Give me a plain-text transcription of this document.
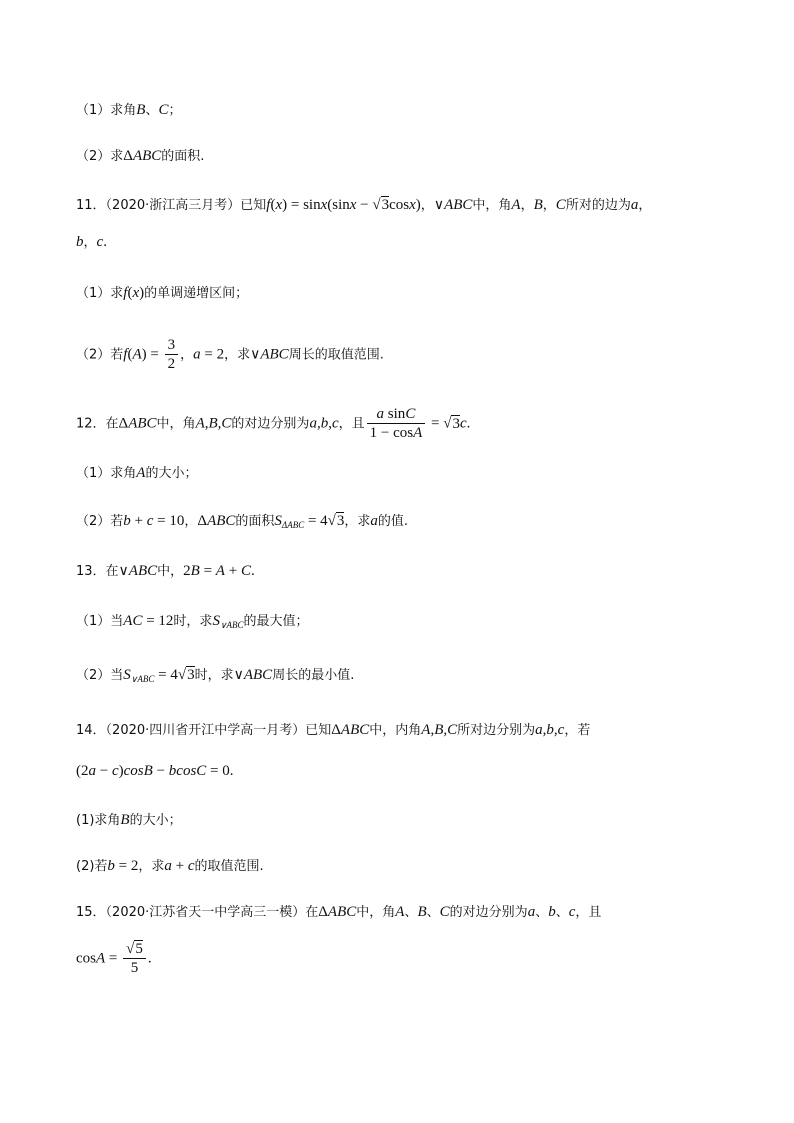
（1）求角B、C；
（2）求ΔABC的面积.
11．（2020·浙江高三月考）已知f(x) = sinx(sinx − √3cosx)，∨ABC中，角A，B，C所对的边为a，
b，c.
（1）求f(x)的单调递增区间；
（2）若$f(A) = \frac{3}{2}$ ，a = 2，求∨ABC周长的取值范围.
12．在ΔABC中，角A,B,C的对边分别为a,b,c，且 $\frac{\text{a sinC}}{1 - \cos A} = √3c$.
（1）求角A的大小；
（2）若b + c = 10，ΔABC的面积$S_{\Delta ABC} = 4√3$，求a的值.
13．在∨ABC中，2B = A + C.
（1）当AC = 12时，求$S_{\vee ABC}$的最大值；
（2）当$S_{\vee ABC} = 4√3$时，求∨ABC周长的最小值.
14．（2020·四川省开江中学高一月考）已知ΔABC中，内角A,B,C所对边分别为a,b,c，若
(2a − c)cosB − bcosC = 0.
(1)求角B的大小；
(2)若b = 2，求a + c的取值范围.
15．（2020·江苏省天一中学高三一模）在ΔABC中，角A、B、C的对边分别为a、b、c，且
$\cos A = \frac{√5}{5}$ .
